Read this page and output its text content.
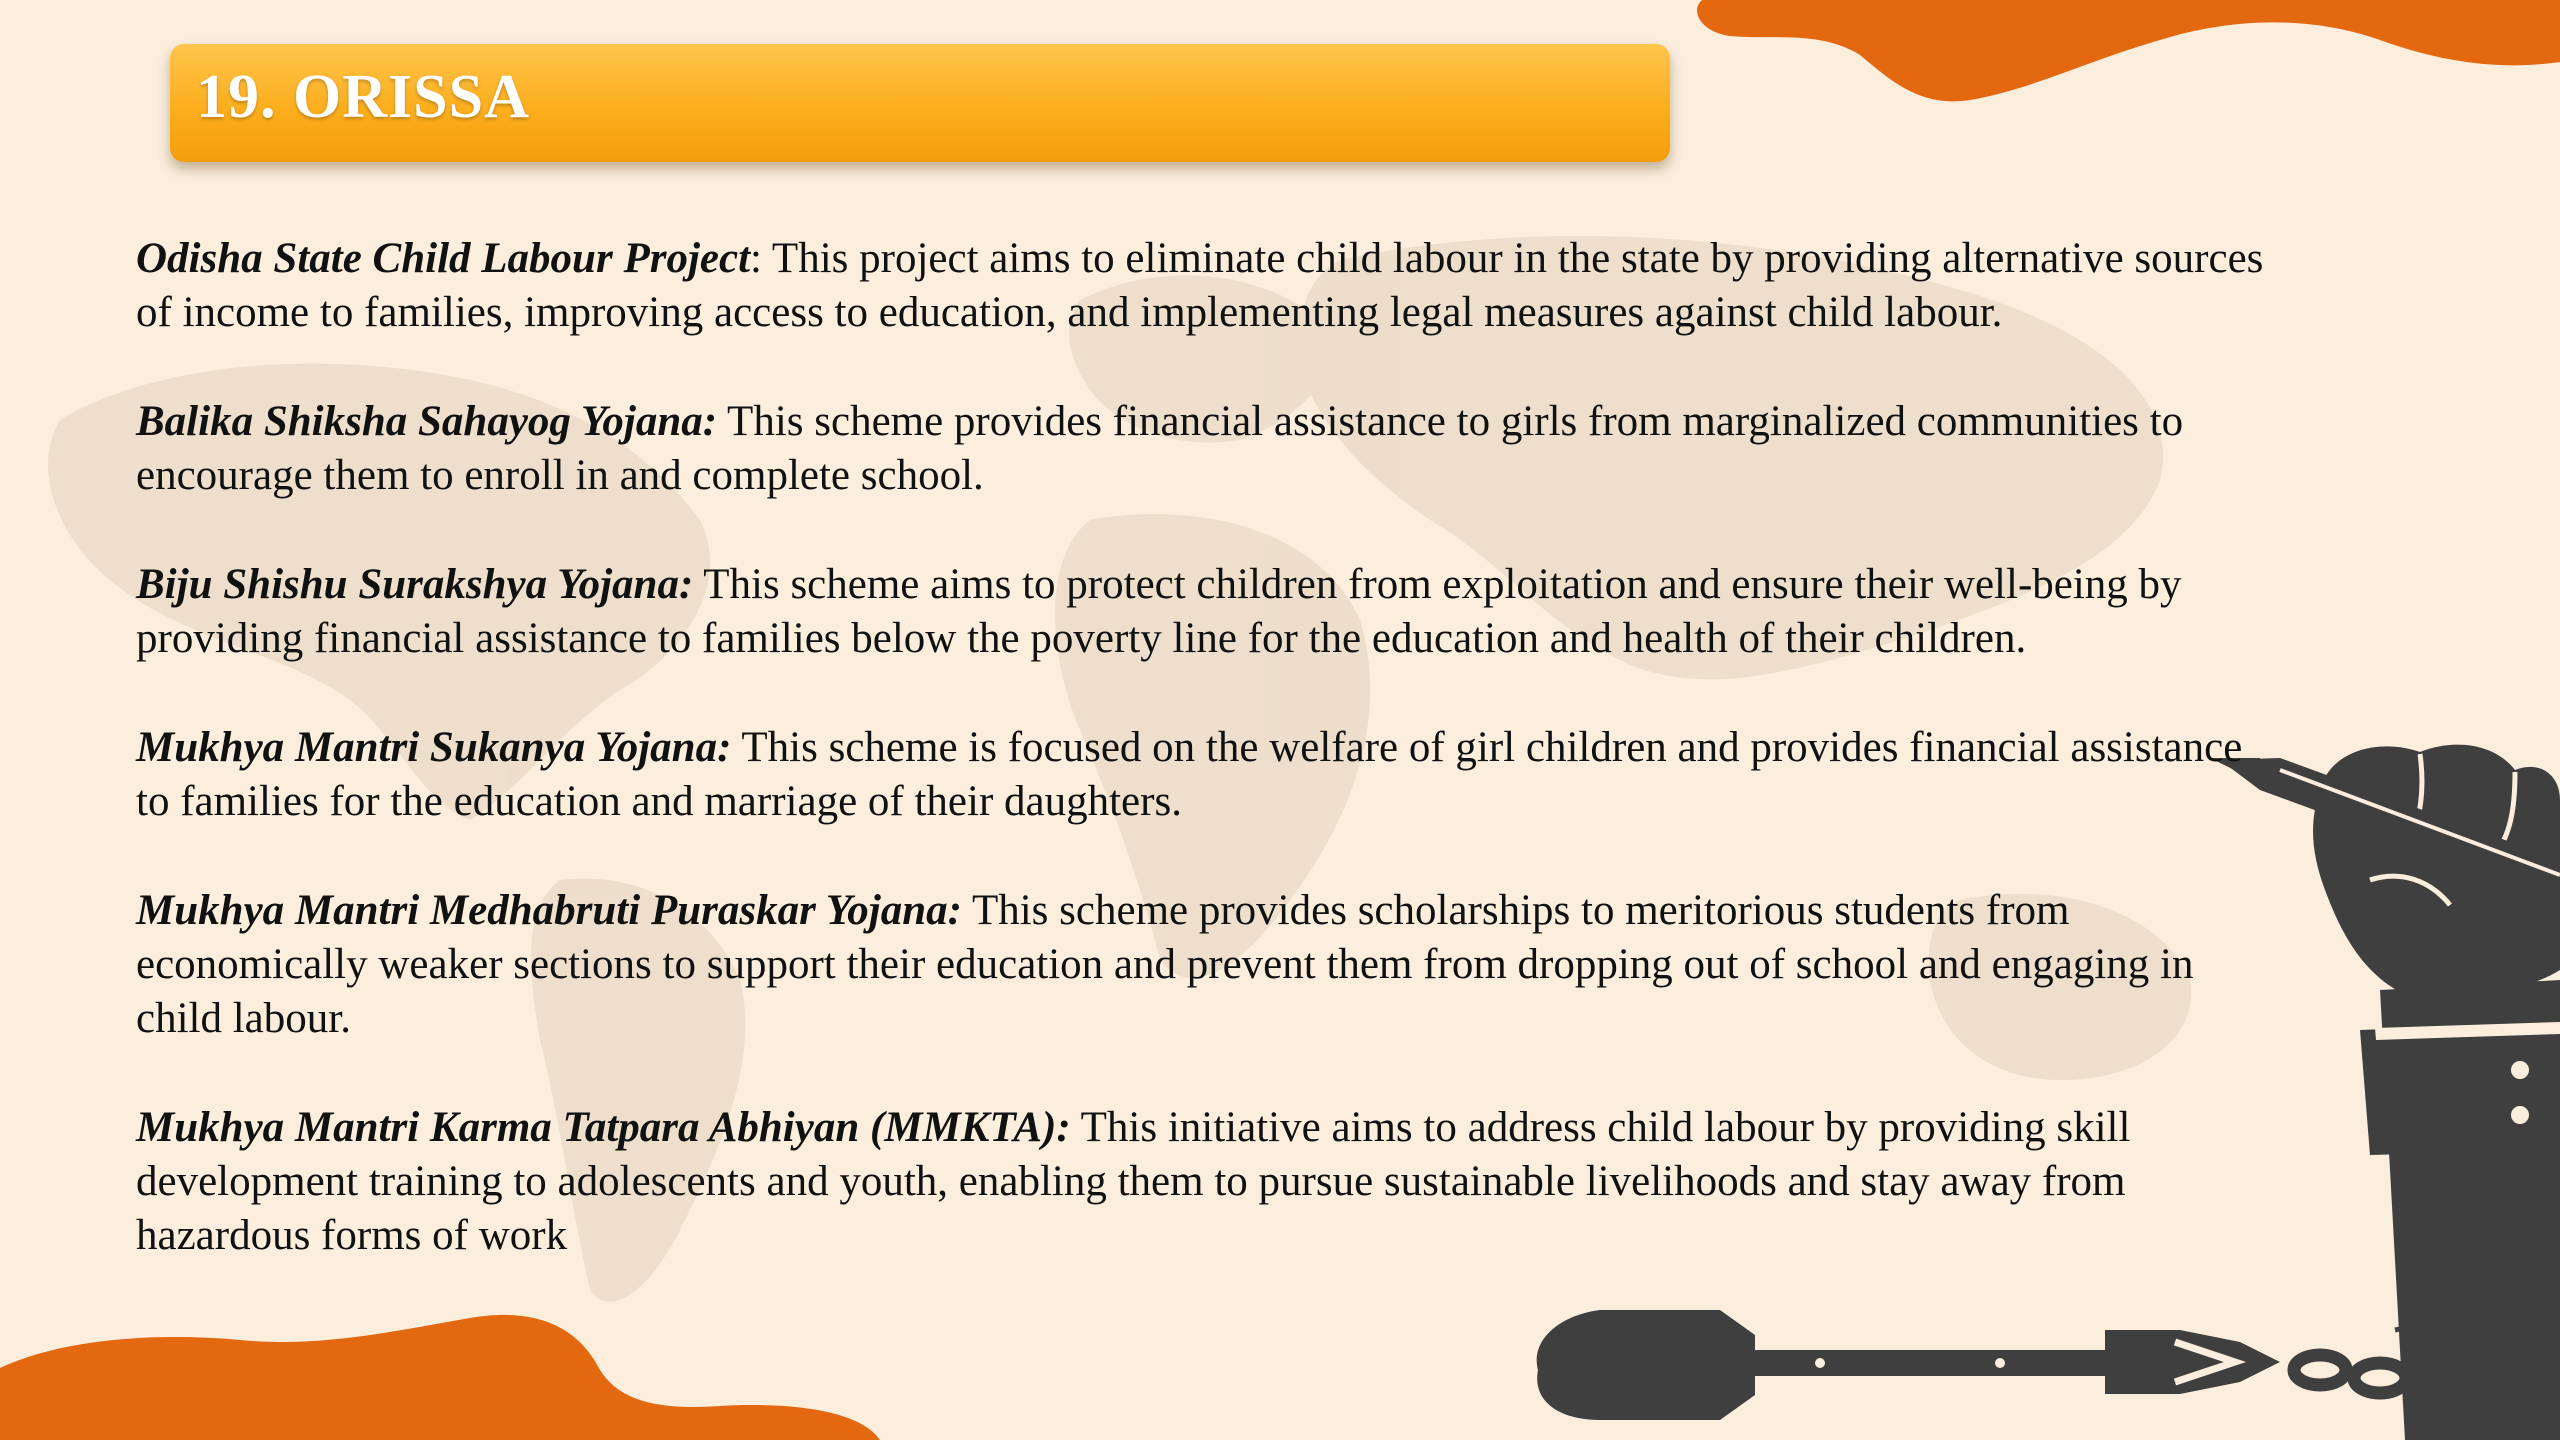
19. ORISSA

Odisha State Child Labour Project: This project aims to eliminate child labour in the state by providing alternative sources of income to families, improving access to education, and implementing legal measures against child labour.

Balika Shiksha Sahayog Yojana: This scheme provides financial assistance to girls from marginalized communities to encourage them to enroll in and complete school.

Biju Shishu Surakshya Yojana: This scheme aims to protect children from exploitation and ensure their well-being by providing financial assistance to families below the poverty line for the education and health of their children.

Mukhya Mantri Sukanya Yojana: This scheme is focused on the welfare of girl children and provides financial assistance to families for the education and marriage of their daughters.

Mukhya Mantri Medhabruti Puraskar Yojana: This scheme provides scholarships to meritorious students from economically weaker sections to support their education and prevent them from dropping out of school and engaging in child labour.

Mukhya Mantri Karma Tatpara Abhiyan (MMKTA): This initiative aims to address child labour by providing skill development training to adolescents and youth, enabling them to pursue sustainable livelihoods and stay away from hazardous forms of work
